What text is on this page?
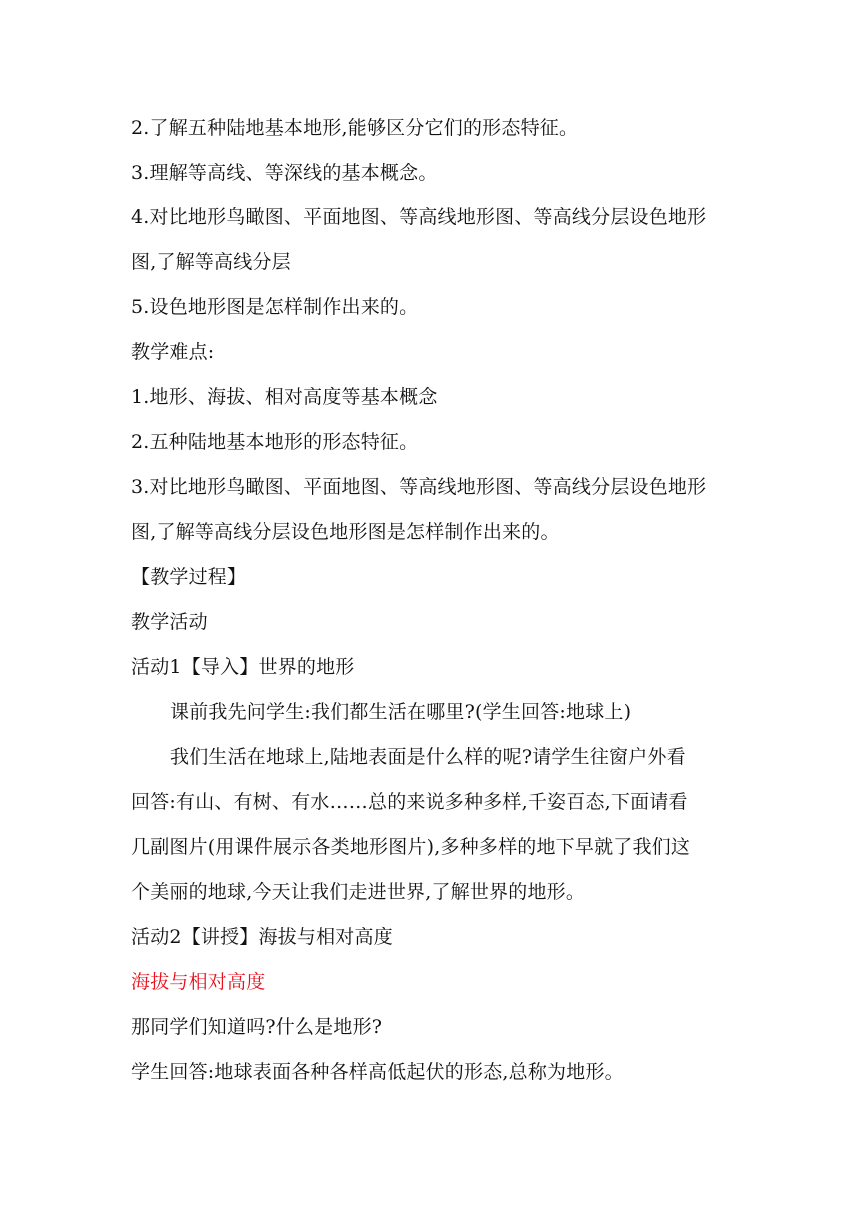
2.了解五种陆地基本地形,能够区分它们的形态特征。
3.理解等高线、等深线的基本概念。
4.对比地形鸟瞰图、平面地图、等高线地形图、等高线分层设色地形
图,了解等高线分层
5.设色地形图是怎样制作出来的。
教学难点:
1.地形、海拔、相对高度等基本概念
2.五种陆地基本地形的形态特征。
3.对比地形鸟瞰图、平面地图、等高线地形图、等高线分层设色地形
图,了解等高线分层设色地形图是怎样制作出来的。
【教学过程】
教学活动
活动1【导入】世界的地形
课前我先问学生:我们都生活在哪里?(学生回答:地球上)
我们生活在地球上,陆地表面是什么样的呢?请学生往窗户外看
回答:有山、有树、有水……总的来说多种多样,千姿百态,下面请看
几副图片(用课件展示各类地形图片),多种多样的地下早就了我们这
个美丽的地球,今天让我们走进世界,了解世界的地形。
活动2【讲授】海拔与相对高度
海拔与相对高度
那同学们知道吗?什么是地形?
学生回答:地球表面各种各样高低起伏的形态,总称为地形。
